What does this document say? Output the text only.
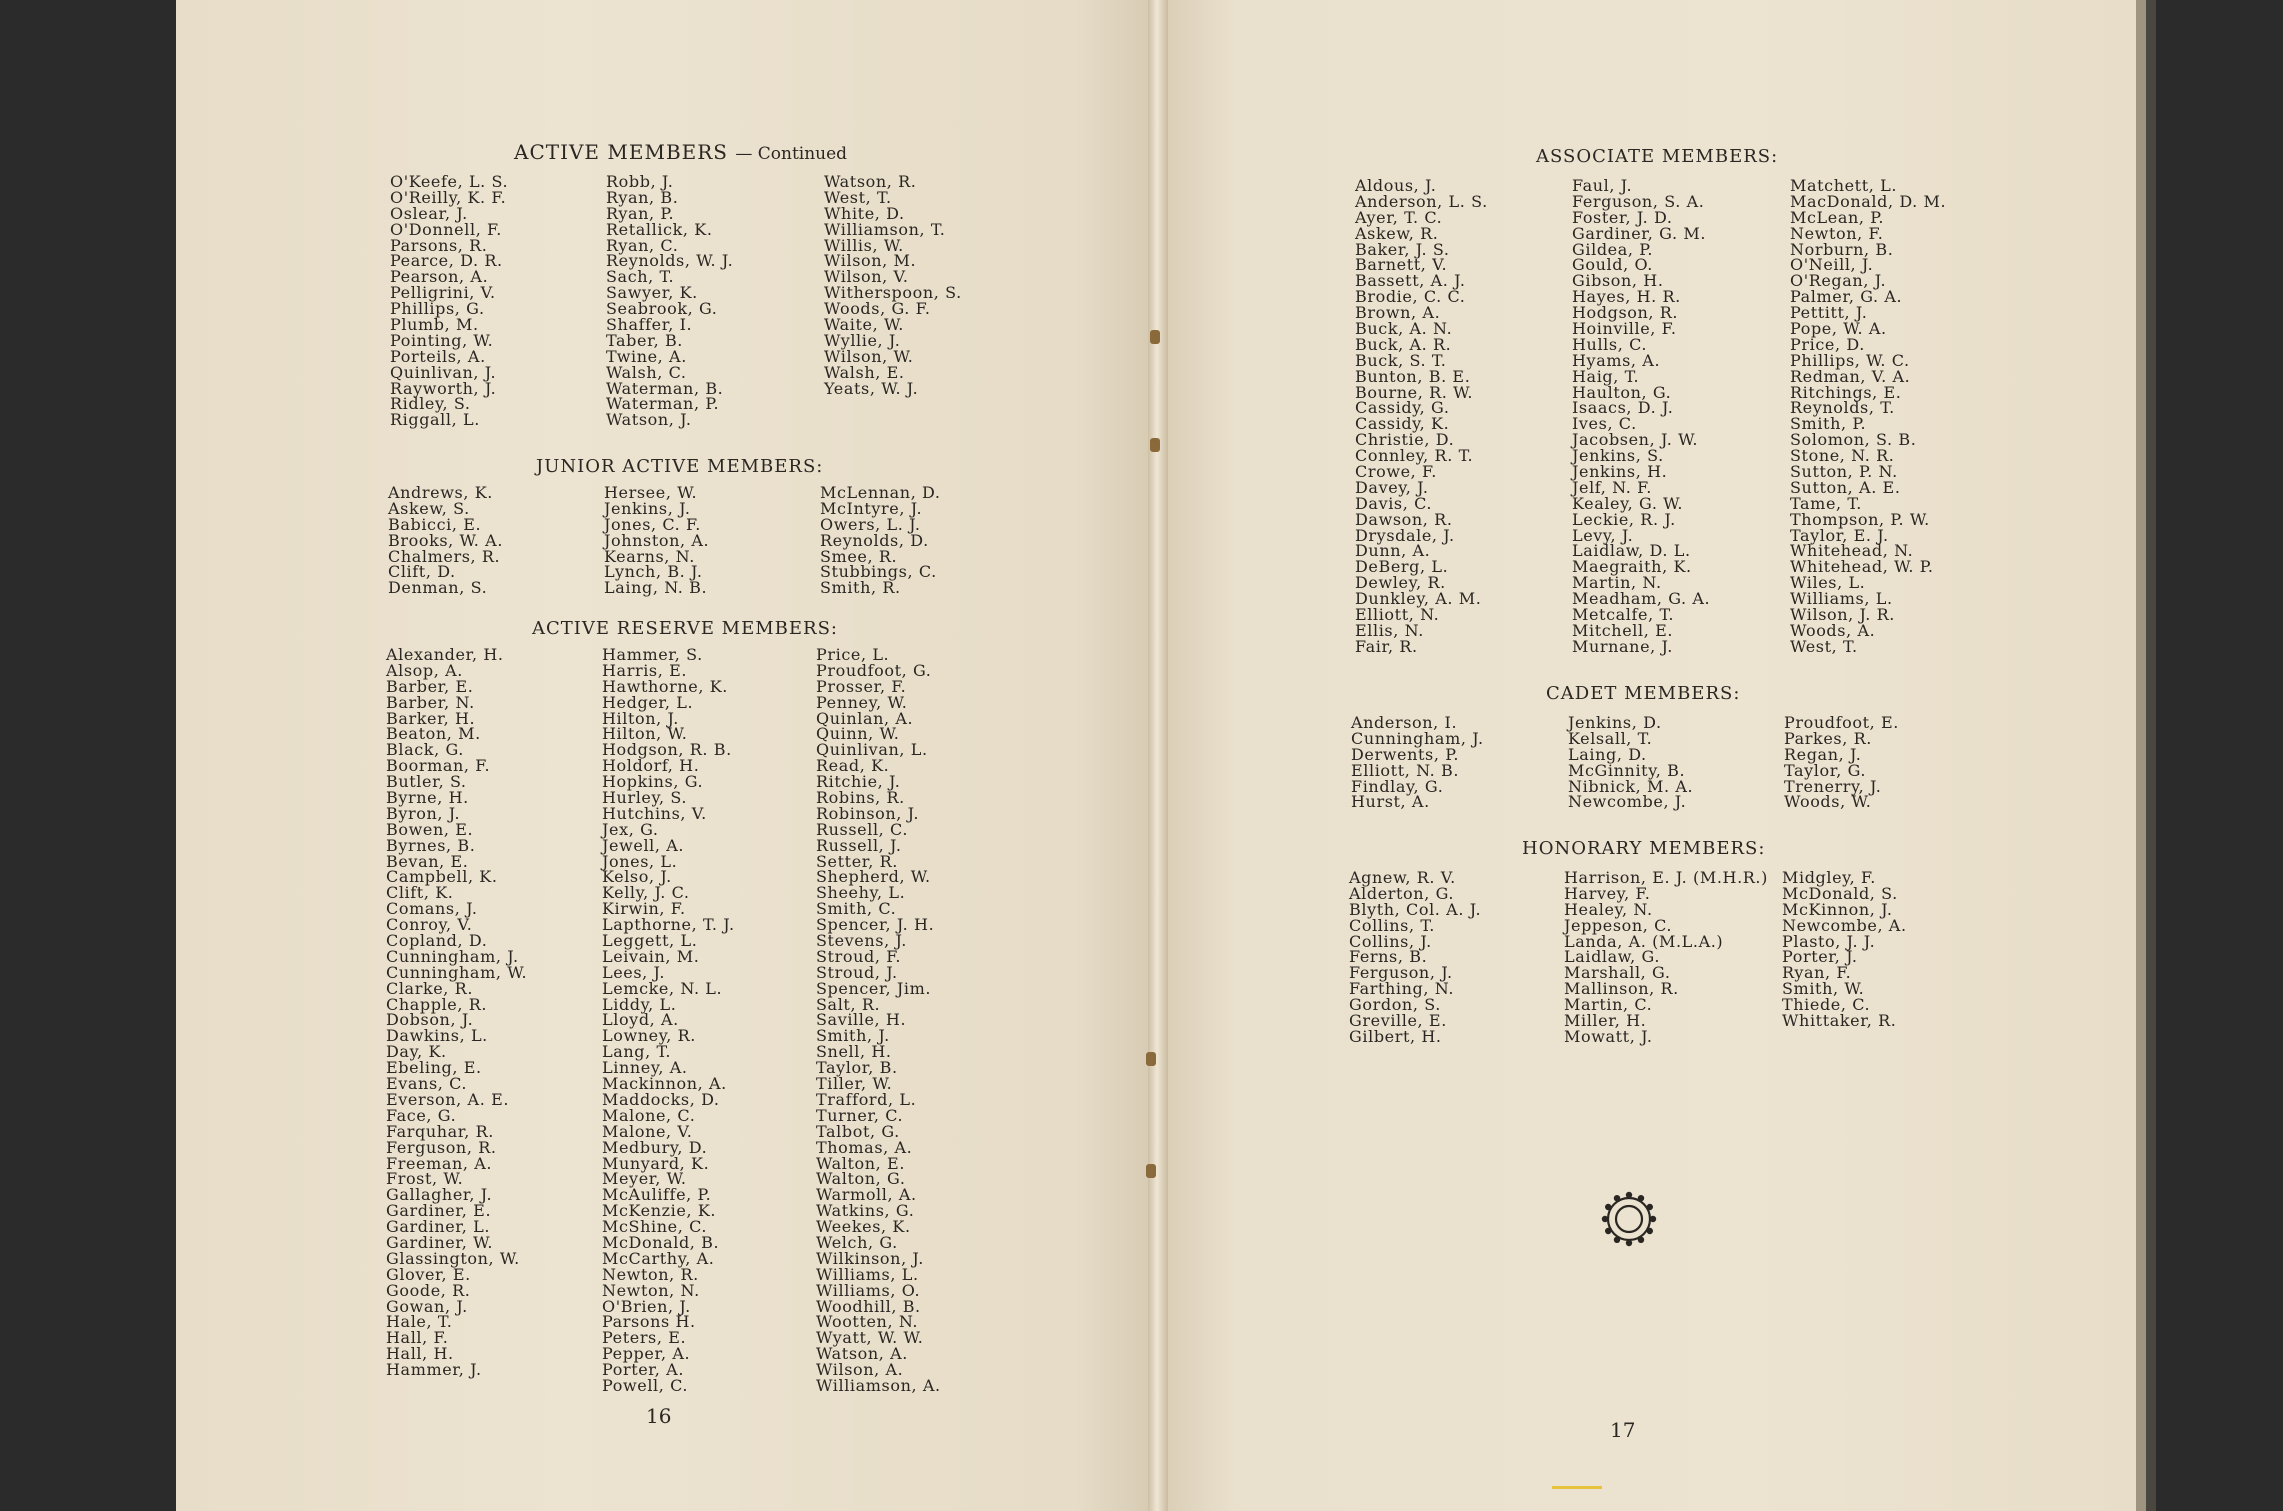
ACTIVE MEMBERS — Continued
O'Keefe, L. S.
O'Reilly, K. F.
Oslear, J.
O'Donnell, F.
Parsons, R.
Pearce, D. R.
Pearson, A.
Pelligrini, V.
Phillips, G.
Plumb, M.
Pointing, W.
Porteils, A.
Quinlivan, J.
Rayworth, J.
Ridley, S.
Riggall, L.
Robb, J.
Ryan, B.
Ryan, P.
Retallick, K.
Ryan, C.
Reynolds, W. J.
Sach, T.
Sawyer, K.
Seabrook, G.
Shaffer, I.
Taber, B.
Twine, A.
Walsh, C.
Waterman, B.
Waterman, P.
Watson, J.
Watson, R.
West, T.
White, D.
Williamson, T.
Willis, W.
Wilson, M.
Wilson, V.
Witherspoon, S.
Woods, G. F.
Waite, W.
Wyllie, J.
Wilson, W.
Walsh, E.
Yeats, W. J.
JUNIOR ACTIVE MEMBERS:
Andrews, K.
Askew, S.
Babicci, E.
Brooks, W. A.
Chalmers, R.
Clift, D.
Denman, S.
Hersee, W.
Jenkins, J.
Jones, C. F.
Johnston, A.
Kearns, N.
Lynch, B. J.
Laing, N. B.
McLennan, D.
McIntyre, J.
Owers, L. J.
Reynolds, D.
Smee, R.
Stubbings, C.
Smith, R.
ACTIVE RESERVE MEMBERS:
Alexander, H.
Alsop, A.
Barber, E.
Barber, N.
Barker, H.
Beaton, M.
Black, G.
Boorman, F.
Butler, S.
Byrne, H.
Byron, J.
Bowen, E.
Byrnes, B.
Bevan, E.
Campbell, K.
Clift, K.
Comans, J.
Conroy, V.
Copland, D.
Cunningham, J.
Cunningham, W.
Clarke, R.
Chapple, R.
Dobson, J.
Dawkins, L.
Day, K.
Ebeling, E.
Evans, C.
Everson, A. E.
Face, G.
Farquhar, R.
Ferguson, R.
Freeman, A.
Frost, W.
Gallagher, J.
Gardiner, E.
Gardiner, L.
Gardiner, W.
Glassington, W.
Glover, E.
Goode, R.
Gowan, J.
Hale, T.
Hall, F.
Hall, H.
Hammer, J.
Hammer, S.
Harris, E.
Hawthorne, K.
Hedger, L.
Hilton, J.
Hilton, W.
Hodgson, R. B.
Holdorf, H.
Hopkins, G.
Hurley, S.
Hutchins, V.
Jex, G.
Jewell, A.
Jones, L.
Kelso, J.
Kelly, J. C.
Kirwin, F.
Lapthorne, T. J.
Leggett, L.
Leivain, M.
Lees, J.
Lemcke, N. L.
Liddy, L.
Lloyd, A.
Lowney, R.
Lang, T.
Linney, A.
Mackinnon, A.
Maddocks, D.
Malone, C.
Malone, V.
Medbury, D.
Munyard, K.
Meyer, W.
McAuliffe, P.
McKenzie, K.
McShine, C.
McDonald, B.
McCarthy, A.
Newton, R.
Newton, N.
O'Brien, J.
Parsons H.
Peters, E.
Pepper, A.
Porter, A.
Powell, C.
Price, L.
Proudfoot, G.
Prosser, F.
Penney, W.
Quinlan, A.
Quinn, W.
Quinlivan, L.
Read, K.
Ritchie, J.
Robins, R.
Robinson, J.
Russell, C.
Russell, J.
Setter, R.
Shepherd, W.
Sheehy, L.
Smith, C.
Spencer, J. H.
Stevens, J.
Stroud, F.
Stroud, J.
Spencer, Jim.
Salt, R.
Saville, H.
Smith, J.
Snell, H.
Taylor, B.
Tiller, W.
Trafford, L.
Turner, C.
Talbot, G.
Thomas, A.
Walton, E.
Walton, G.
Warmoll, A.
Watkins, G.
Weekes, K.
Welch, G.
Wilkinson, J.
Williams, L.
Williams, O.
Woodhill, B.
Wootten, N.
Wyatt, W. W.
Watson, A.
Wilson, A.
Williamson, A.
16
ASSOCIATE MEMBERS:
Aldous, J.
Anderson, L. S.
Ayer, T. C.
Askew, R.
Baker, J. S.
Barnett, V.
Bassett, A. J.
Brodie, C. C.
Brown, A.
Buck, A. N.
Buck, A. R.
Buck, S. T.
Bunton, B. E.
Bourne, R. W.
Cassidy, G.
Cassidy, K.
Christie, D.
Connley, R. T.
Crowe, F.
Davey, J.
Davis, C.
Dawson, R.
Drysdale, J.
Dunn, A.
DeBerg, L.
Dewley, R.
Dunkley, A. M.
Elliott, N.
Ellis, N.
Fair, R.
Faul, J.
Ferguson, S. A.
Foster, J. D.
Gardiner, G. M.
Gildea, P.
Gould, O.
Gibson, H.
Hayes, H. R.
Hodgson, R.
Hoinville, F.
Hulls, C.
Hyams, A.
Haig, T.
Haulton, G.
Isaacs, D. J.
Ives, C.
Jacobsen, J. W.
Jenkins, S.
Jenkins, H.
Jelf, N. F.
Kealey, G. W.
Leckie, R. J.
Levy, J.
Laidlaw, D. L.
Maegraith, K.
Martin, N.
Meadham, G. A.
Metcalfe, T.
Mitchell, E.
Murnane, J.
Matchett, L.
MacDonald, D. M.
McLean, P.
Newton, F.
Norburn, B.
O'Neill, J.
O'Regan, J.
Palmer, G. A.
Pettitt, J.
Pope, W. A.
Price, D.
Phillips, W. C.
Redman, V. A.
Ritchings, E.
Reynolds, T.
Smith, P.
Solomon, S. B.
Stone, N. R.
Sutton, P. N.
Sutton, A. E.
Tame, T.
Thompson, P. W.
Taylor, E. J.
Whitehead, N.
Whitehead, W. P.
Wiles, L.
Williams, L.
Wilson, J. R.
Woods, A.
West, T.
CADET MEMBERS:
Anderson, I.
Cunningham, J.
Derwents, P.
Elliott, N. B.
Findlay, G.
Hurst, A.
Jenkins, D.
Kelsall, T.
Laing, D.
McGinnity, B.
Nibnick, M. A.
Newcombe, J.
Proudfoot, E.
Parkes, R.
Regan, J.
Taylor, G.
Trenerry, J.
Woods, W.
HONORARY MEMBERS:
Agnew, R. V.
Alderton, G.
Blyth, Col. A. J.
Collins, T.
Collins, J.
Ferns, B.
Ferguson, J.
Farthing, N.
Gordon, S.
Greville, E.
Gilbert, H.
Harrison, E. J. (M.H.R.)
Harvey, F.
Healey, N.
Jeppeson, C.
Landa, A. (M.L.A.)
Laidlaw, G.
Marshall, G.
Mallinson, R.
Martin, C.
Miller, H.
Mowatt, J.
Midgley, F.
McDonald, S.
McKinnon, J.
Newcombe, A.
Plasto, J. J.
Porter, J.
Ryan, F.
Smith, W.
Thiede, C.
Whittaker, R.
17
